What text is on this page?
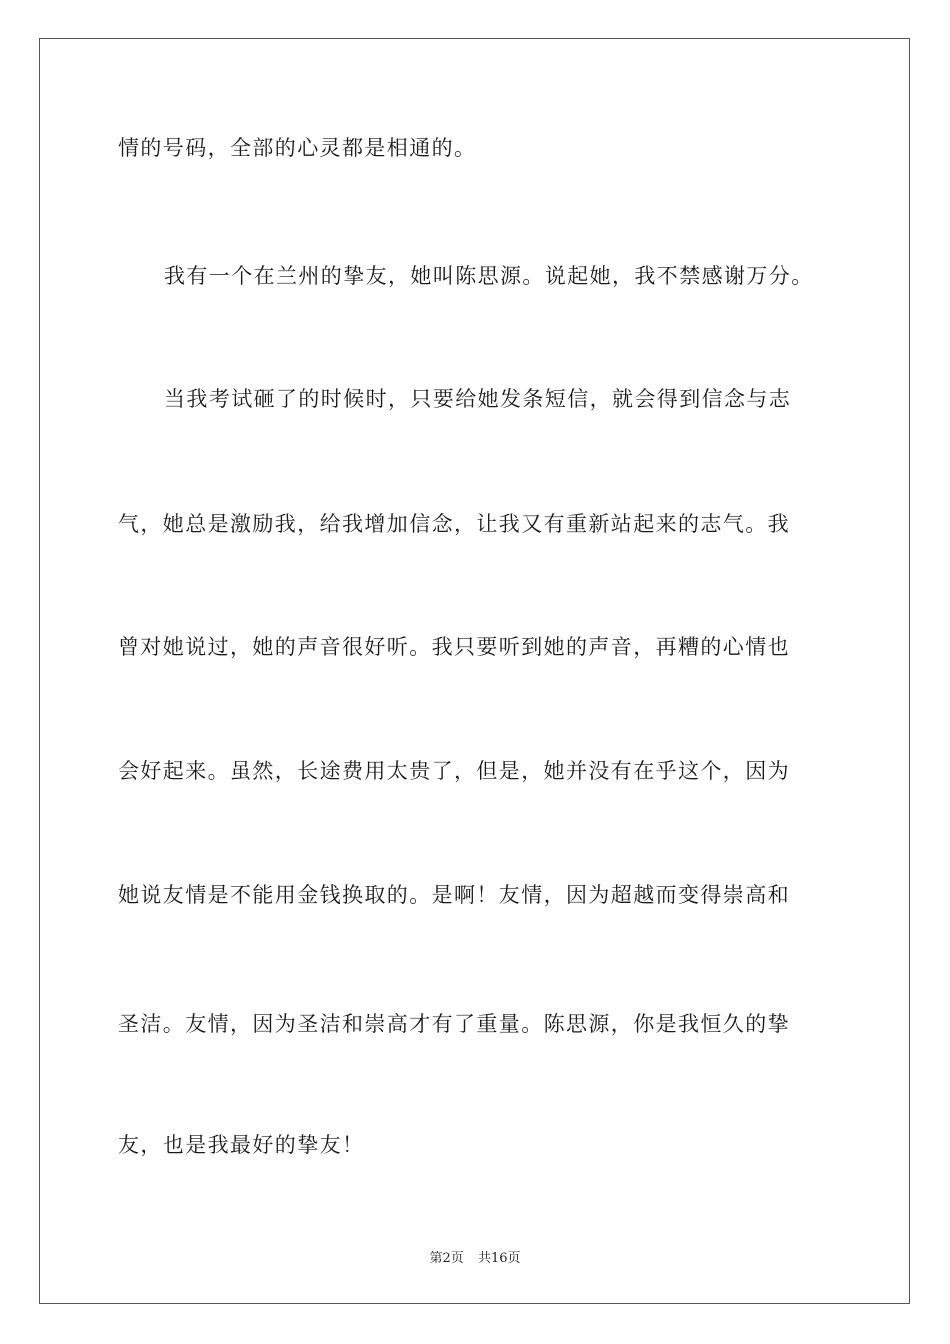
情的号码，全部的心灵都是相通的。
我有一个在兰州的挚友，她叫陈思源。说起她，我不禁感谢万分。
当我考试砸了的时候时，只要给她发条短信，就会得到信念与志
气，她总是激励我，给我增加信念，让我又有重新站起来的志气。我
曾对她说过，她的声音很好听。我只要听到她的声音，再糟的心情也
会好起来。虽然，长途费用太贵了，但是，她并没有在乎这个，因为
她说友情是不能用金钱换取的。是啊！友情，因为超越而变得崇高和
圣洁。友情，因为圣洁和崇高才有了重量。陈思源，你是我恒久的挚
友，也是我最好的挚友！
第2页 共16页
